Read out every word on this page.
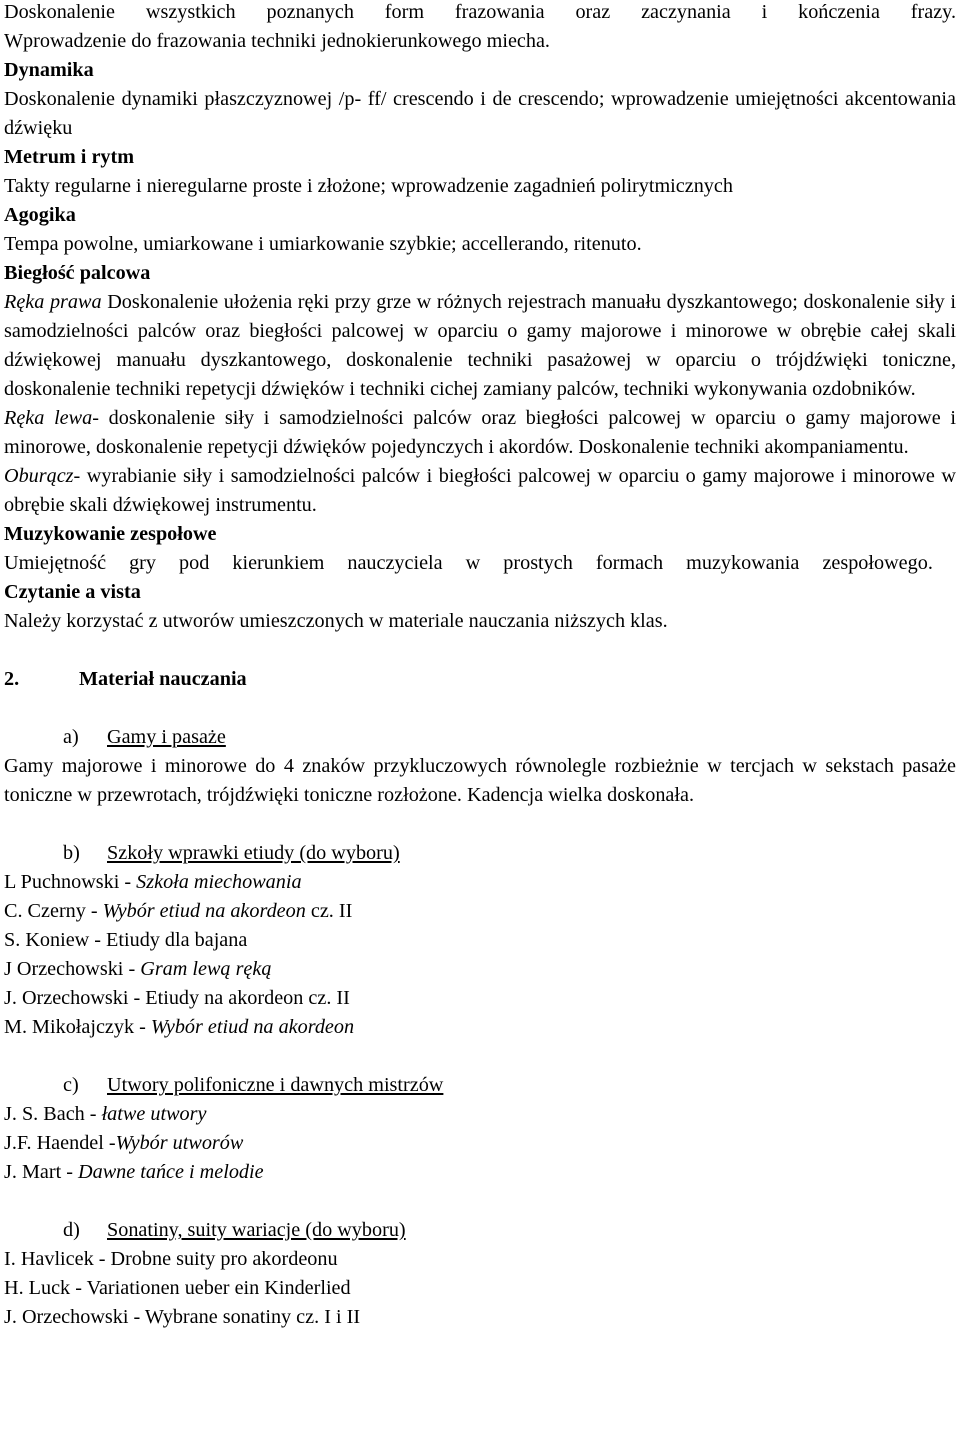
Doskonalenie wszystkich poznanych form frazowania oraz zaczynania i kończenia frazy.

Wprowadzenie do frazowania techniki jednokierunkowego miecha.

Dynamika

Doskonalenie dynamiki płaszczyznowej /p- ff/ crescendo i de crescendo; wprowadzenie umiejętności akcentowania dźwięku

Metrum i rytm

Takty regularne i nieregularne proste i złożone; wprowadzenie zagadnień polirytmicznych

Agogika

Tempa powolne, umiarkowane i umiarkowanie szybkie; accellerando, ritenuto.

Biegłość palcowa

Ręka prawa Doskonalenie ułożenia ręki przy grze w różnych rejestrach manuału dyszkantowego; doskonalenie siły i samodzielności palców oraz biegłości palcowej w oparciu o gamy majorowe i minorowe w obrębie całej skali dźwiękowej manuału dyszkantowego, doskonalenie techniki pasażowej w oparciu o trójdźwięki toniczne, doskonalenie techniki repetycji dźwięków i techniki cichej zamiany palców, techniki wykonywania ozdobników.

Ręka lewa- doskonalenie siły i samodzielności palców oraz biegłości palcowej w oparciu o gamy majorowe i minorowe, doskonalenie repetycji dźwięków pojedynczych i akordów. Doskonalenie techniki akompaniamentu.

Oburącz- wyrabianie siły i samodzielności palców i biegłości palcowej w oparciu o gamy majorowe i minorowe w obrębie skali dźwiękowej instrumentu.

Muzykowanie zespołowe

Umiejętność gry pod kierunkiem nauczyciela w prostych formach muzykowania zespołowego.

Czytanie a vista

Należy korzystać z utworów umieszczonych w materiale nauczania niższych klas.

2.	Materiał nauczania

a) Gamy i pasaże

Gamy majorowe i minorowe do 4 znaków przykluczowych równolegle rozbieżnie w tercjach w sekstach pasaże toniczne w przewrotach, trójdźwięki toniczne rozłożone. Kadencja wielka doskonała.

b) Szkoły wprawki etiudy (do wyboru)

L Puchnowski - Szkoła miechowania

C. Czerny - Wybór etiud na akordeon cz. II

S. Koniew - Etiudy dla bajana

J Orzechowski - Gram lewą ręką

J. Orzechowski - Etiudy na akordeon cz. II

M. Mikołajczyk - Wybór etiud na akordeon

c) Utwory polifoniczne i dawnych mistrzów

J. S. Bach - łatwe utwory

J.F. Haendel -Wybór utworów

J. Mart - Dawne tańce i melodie

d) Sonatiny, suity wariacje (do wyboru)

I. Havlicek - Drobne suity pro akordeonu

H. Luck - Variationen ueber ein Kinderlied

J. Orzechowski - Wybrane sonatiny cz. I i II
